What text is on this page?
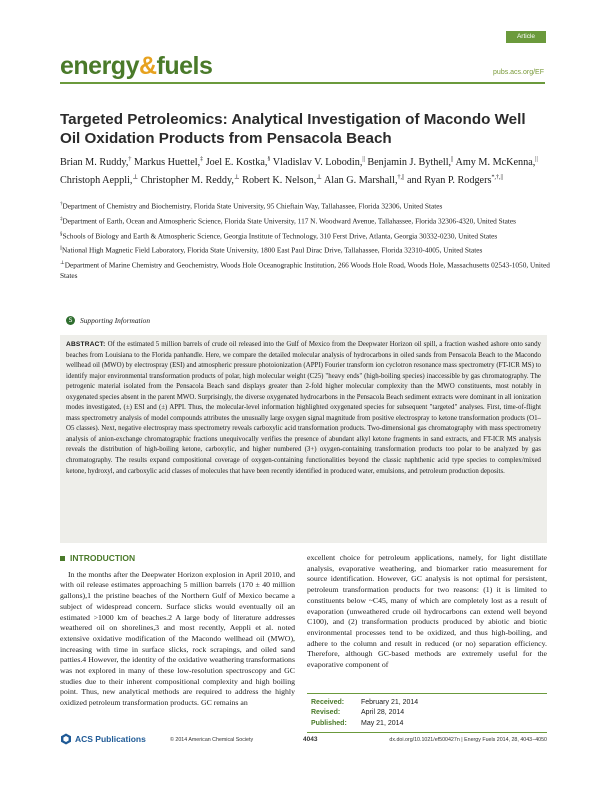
energy&fuels
Article
pubs.acs.org/EF
Targeted Petroleomics: Analytical Investigation of Macondo Well Oil Oxidation Products from Pensacola Beach
Brian M. Ruddy,† Markus Huettel,‡ Joel E. Kostka,§ Vladislav V. Lobodin,|| Benjamin J. Bythell,|| Amy M. McKenna,|| Christoph Aeppli,⊥ Christopher M. Reddy,⊥ Robert K. Nelson,⊥ Alan G. Marshall,†,|| and Ryan P. Rodgers*,†,||
†Department of Chemistry and Biochemistry, Florida State University, 95 Chieftain Way, Tallahassee, Florida 32306, United States
‡Department of Earth, Ocean and Atmospheric Science, Florida State University, 117 N. Woodward Avenue, Tallahassee, Florida 32306-4320, United States
§Schools of Biology and Earth & Atmospheric Science, Georgia Institute of Technology, 310 Ferst Drive, Atlanta, Georgia 30332-0230, United States
||National High Magnetic Field Laboratory, Florida State University, 1800 East Paul Dirac Drive, Tallahassee, Florida 32310-4005, United States
⊥Department of Marine Chemistry and Geochemistry, Woods Hole Oceanographic Institution, 266 Woods Hole Road, Woods Hole, Massachusetts 02543-1050, United States
S	Supporting Information
ABSTRACT: Of the estimated 5 million barrels of crude oil released into the Gulf of Mexico from the Deepwater Horizon oil spill, a fraction washed ashore onto sandy beaches from Louisiana to the Florida panhandle. Here, we compare the detailed molecular analysis of hydrocarbons in oiled sands from Pensacola Beach to the Macondo wellhead oil (MWO) by electrospray (ESI) and atmospheric pressure photoionization (APPI) Fourier transform ion cyclotron resonance mass spectrometry (FT-ICR MS) to identify major environmental transformation products of polar, high molecular weight (C25) "heavy ends" (high-boiling species) inaccessible by gas chromatography. The petrogenic material isolated from the Pensacola Beach sand displays greater than 2-fold higher molecular complexity than the MWO constituents, most notably in oxygenated species absent in the parent MWO. Surprisingly, the diverse oxygenated hydrocarbons in the Pensacola Beach sediment extracts were dominant in all ionization modes investigated, (±) ESI and (±) APPI. Thus, the molecular-level information highlighted oxygenated species for subsequent "targeted" analyses. First, time-of-flight mass spectrometry analysis of model compounds attributes the unusually large oxygen signal magnitude from positive electrospray to ketone transformation products (O1–O5 classes). Next, negative electrospray mass spectrometry reveals carboxylic acid transformation products. Two-dimensional gas chromatography with mass spectrometry analysis of anion-exchange chromatographic fractions unequivocally verifies the presence of abundant alkyl ketone fragments in sand extracts, and FT-ICR MS analysis reveals the distribution of high-boiling ketone, carboxylic, and higher numbered (3+) oxygen-containing transformation products too polar to be analyzed by gas chromatography. The results expand compositional coverage of oxygen-containing functionalities beyond the classic naphthenic acid type species to complex/mixed ketone, hydroxyl, and carboxylic acid classes of molecules that have been recently identified in produced water, emulsions, and petroleum production deposits.
INTRODUCTION

In the months after the Deepwater Horizon explosion in April 2010, and with oil release estimates approaching 5 million barrels (170 ± 40 million gallons),1 the pristine beaches of the Northern Gulf of Mexico became a subject of widespread concern. Surface slicks would eventually oil an estimated >1000 km of beaches.2 A large body of literature addresses weathered oil on shorelines,3 and most recently, Aeppli et al. noted extensive oxidative modification of the Macondo wellhead oil (MWO), increasing with time in surface slicks, rock scrapings, and oiled sand patties.4 However, the identity of the oxidative weathering transformations was not explored in many of these low-resolution spectroscopy and GC studies due to their inherent compositional complexity and high boiling point. Thus, new analytical methods are required to address the highly oxidized petroleum transformation products. GC remains an

excellent choice for petroleum applications, namely, for light distillate analysis, evaporative weathering, and biomarker ratio measurement for source identification. However, GC analysis is not optimal for persistent, petroleum transformation products for two reasons: (1) it is limited to constituents below ~C45, many of which are completely lost as a result of evaporation (unweathered crude oil hydrocarbons can extend well beyond C100), and (2) transformation products produced by abiotic and biotic environmental processes tend to be oxidized, and thus high-boiling, and adhere to the column and result in reduced (or no) separation efficiency. Therefore, although GC-based methods are extremely useful for the evaporative component of

Received: February 21, 2014
Revised:	April 28, 2014
Published: May 21, 2014
ACS Publications	© 2014 American Chemical Society	4043	dx.doi.org/10.1021/ef500427n | Energy Fuels 2014, 28, 4043−4050
